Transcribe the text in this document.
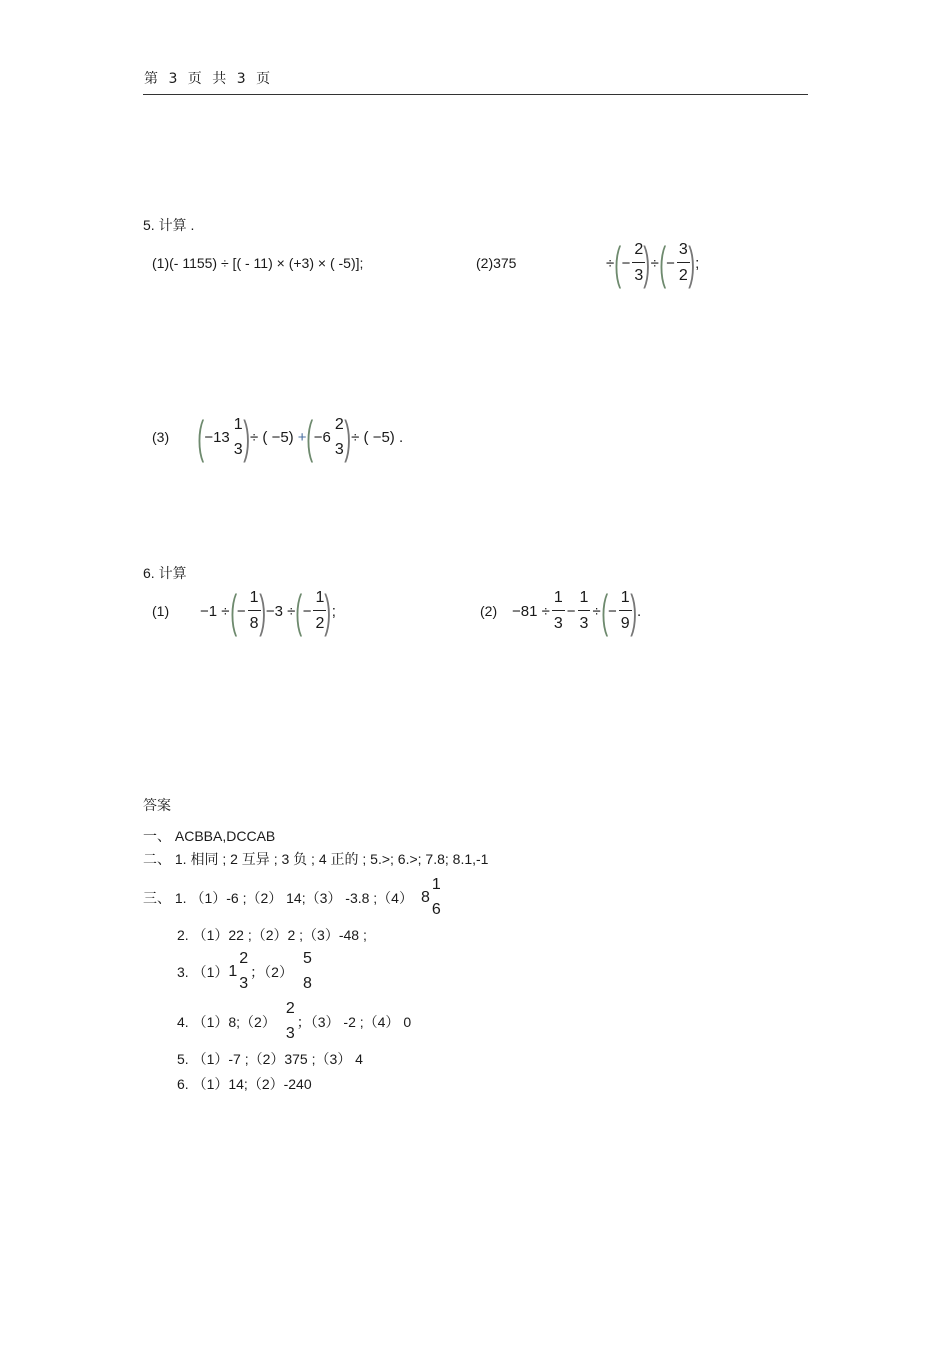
第 3 页 共 3 页
5. 计算 .
(1)(- 1155) ÷ [( - 11) × (+3) × ( -5)];	(2)375	÷ ( − $\frac{2}{3}$
) ÷ ( − $\frac{3}{2}$
) ;
(3) ( −13
1
3 ) ÷ ( −5) + ( −6
2
3 ) ÷ ( −5) .
6. 计算
(1) −1 ÷ ( − $\frac{1}{8}$
) −3 ÷ ( − $\frac{1}{2}$
) ;	$(2) -81 \div \frac{1}{3} - \frac{1}{3}$ ÷ ( − $\frac{1}{9}$
) .
答案
一、 ACBBA,DCCAB
二、 1. 相同 ; 2 互异 ; 3 负 ; 4 正的 ; 5.>; 6.>; 7.8; 8.1,-1
三、 1. （1）-6 ;（2） 14;（3） -3.8 ;（4） 8
1
6
2. （1）22 ;（2）2 ;（3）-48 ;
3. （1） 1
2
3
；（2）
5
8
4. （1）8;（2）
2
3
；（3） -2 ;（4） 0
5. （1）-7 ;（2）375 ;（3） 4
6. （1）14;（2）-240
